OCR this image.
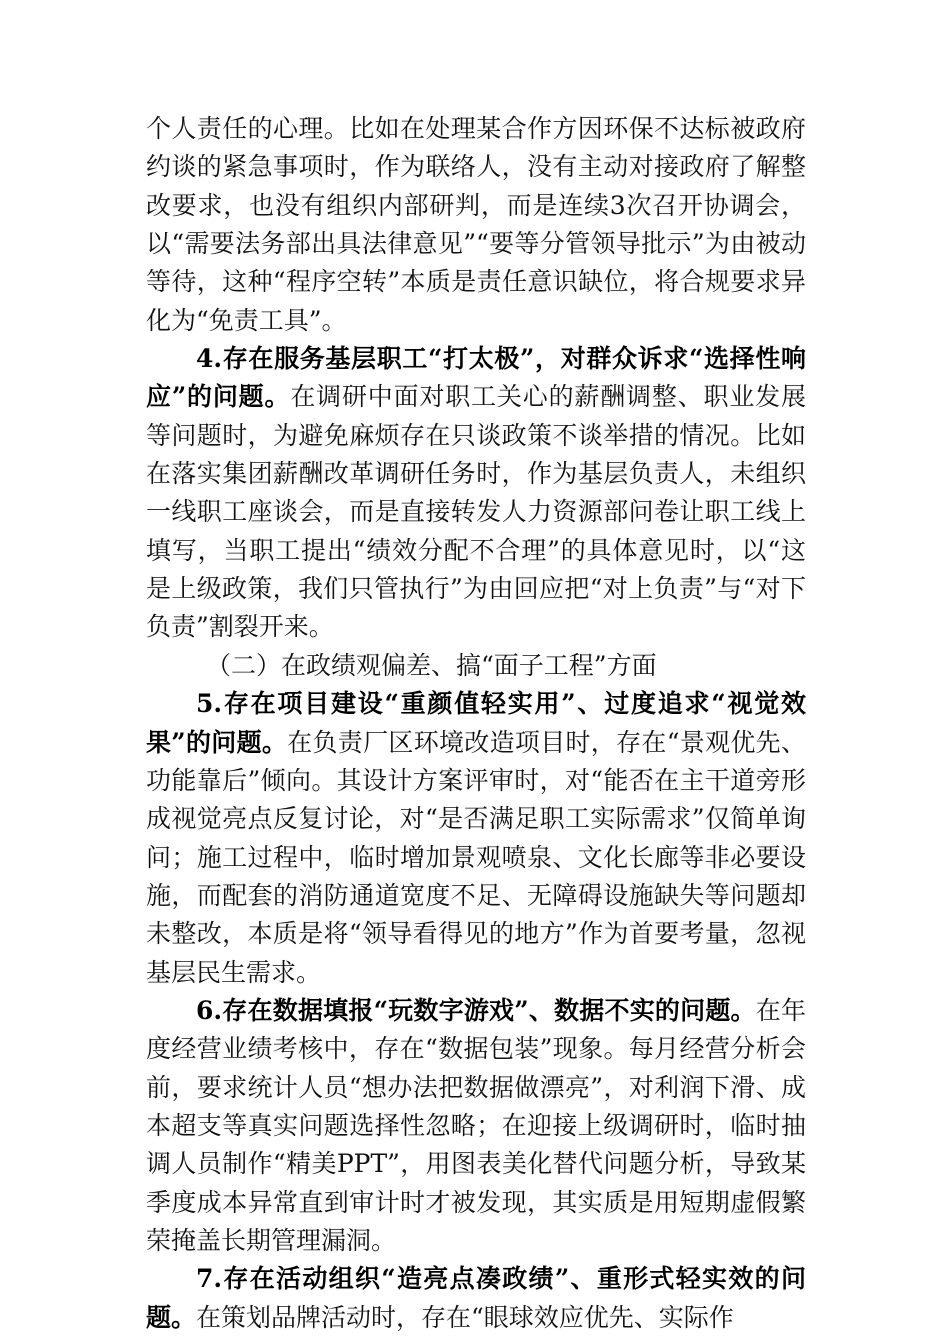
个人责任的心理。比如在处理某合作方因环保不达标被政府约谈的紧急事项时，作为联络人，没有主动对接政府了解整改要求，也没有组织内部研判，而是连续3次召开协调会，以“需要法务部出具法律意见”“要等分管领导批示”为由被动等待，这种“程序空转”本质是责任意识缺位，将合规要求异化为“免责工具”。

4.存在服务基层职工“打太极”，对群众诉求“选择性响应”的问题。在调研中面对职工关心的薪酬调整、职业发展等问题时，为避免麻烦存在只谈政策不谈举措的情况。比如在落实集团薪酬改革调研任务时，作为基层负责人，未组织一线职工座谈会，而是直接转发人力资源部问卷让职工线上填写，当职工提出“绩效分配不合理”的具体意见时，以“这是上级政策，我们只管执行”为由回应把“对上负责”与“对下负责”割裂开来。

（二）在政绩观偏差、搞“面子工程”方面

5.存在项目建设“重颜值轻实用”、过度追求“视觉效果”的问题。在负责厂区环境改造项目时，存在“景观优先、功能靠后”倾向。其设计方案评审时，对“能否在主干道旁形成视觉亮点反复讨论，对“是否满足职工实际需求”仅简单询问；施工过程中，临时增加景观喷泉、文化长廊等非必要设施，而配套的消防通道宽度不足、无障碍设施缺失等问题却未整改，本质是将“领导看得见的地方”作为首要考量，忽视基层民生需求。

6.存在数据填报“玩数字游戏”、数据不实的问题。在年度经营业绩考核中，存在“数据包装”现象。每月经营分析会前，要求统计人员“想办法把数据做漂亮”，对利润下滑、成本超支等真实问题选择性忽略；在迎接上级调研时，临时抽调人员制作“精美PPT”，用图表美化替代问题分析，导致某季度成本异常直到审计时才被发现，其实质是用短期虚假繁荣掩盖长期管理漏洞。

7.存在活动组织“造亮点凑政绩”、重形式轻实效的问题。在策划品牌活动时，存在“眼球效应优先、实际作
